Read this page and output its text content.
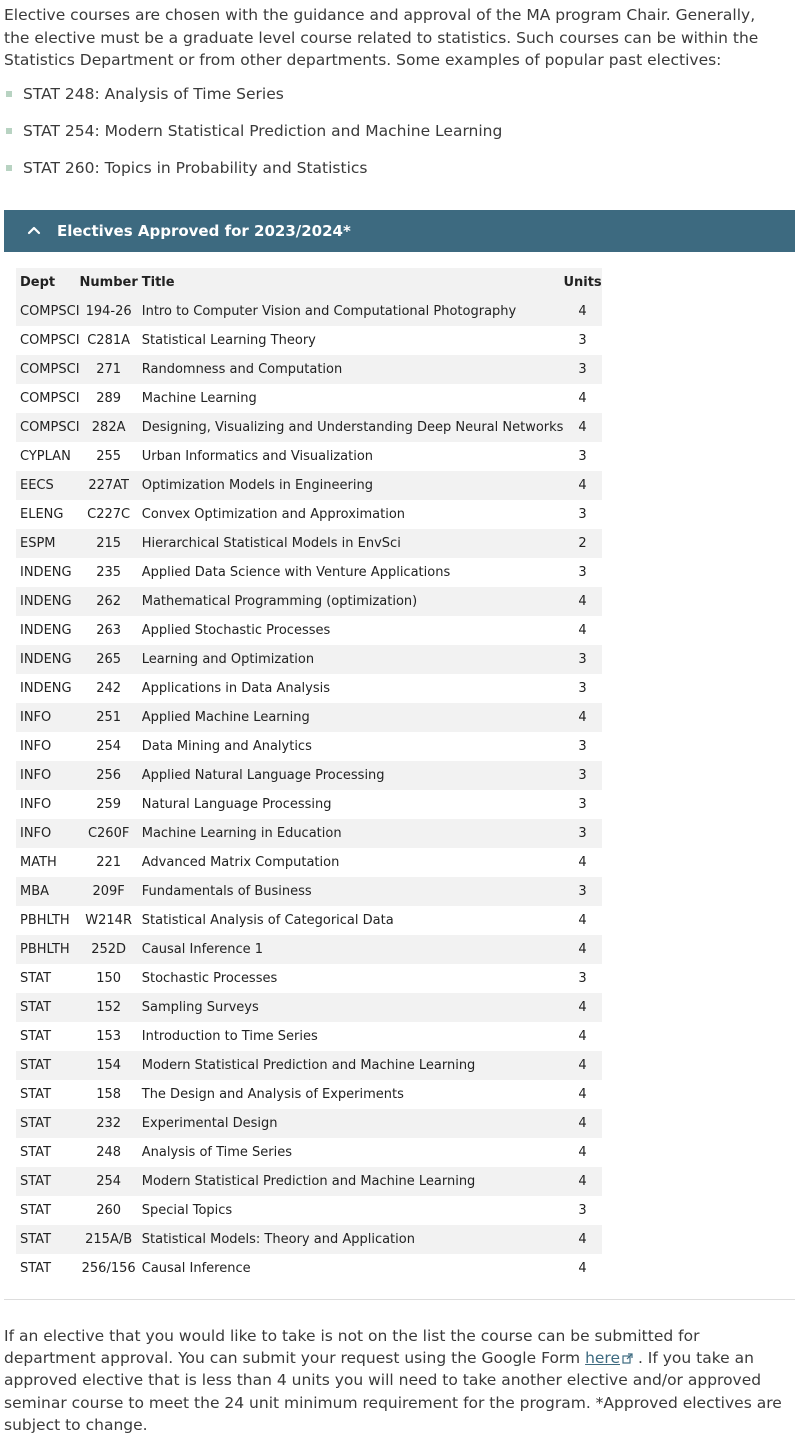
Elective courses are chosen with the guidance and approval of the MA program Chair. Generally, the elective must be a graduate level course related to statistics. Such courses can be within the Statistics Department or from other departments. Some examples of popular past electives:

STAT 248: Analysis of Time Series
STAT 254: Modern Statistical Prediction and Machine Learning
STAT 260: Topics in Probability and Statistics
Electives Approved for 2023/2024*
Dept	Number	Title	Units
COMPSCI	194-26	Intro to Computer Vision and Computational Photography	4
COMPSCI	C281A	Statistical Learning Theory	3
COMPSCI	271	Randomness and Computation	3
COMPSCI	289	Machine Learning	4
COMPSCI	282A	Designing, Visualizing and Understanding Deep Neural Networks	4
CYPLAN	255	Urban Informatics and Visualization	3
EECS	227AT	Optimization Models in Engineering	4
ELENG	C227C	Convex Optimization and Approximation	3
ESPM	215	Hierarchical Statistical Models in EnvSci	2
INDENG	235	Applied Data Science with Venture Applications	3
INDENG	262	Mathematical Programming (optimization)	4
INDENG	263	Applied Stochastic Processes	4
INDENG	265	Learning and Optimization	3
INDENG	242	Applications in Data Analysis	3
INFO	251	Applied Machine Learning	4
INFO	254	Data Mining and Analytics	3
INFO	256	Applied Natural Language Processing	3
INFO	259	Natural Language Processing	3
INFO	C260F	Machine Learning in Education	3
MATH	221	Advanced Matrix Computation	4
MBA	209F	Fundamentals of Business	3
PBHLTH	W214R	Statistical Analysis of Categorical Data	4
PBHLTH	252D	Causal Inference 1	4
STAT	150	Stochastic Processes	3
STAT	152	Sampling Surveys	4
STAT	153	Introduction to Time Series	4
STAT	154	Modern Statistical Prediction and Machine Learning	4
STAT	158	The Design and Analysis of Experiments	4
STAT	232	Experimental Design	4
STAT	248	Analysis of Time Series	4
STAT	254	Modern Statistical Prediction and Machine Learning	4
STAT	260	Special Topics	3
STAT	215A/B	Statistical Models: Theory and Application	4
STAT	256/156	Causal Inference	4

If an elective that you would like to take is not on the list the course can be submitted for department approval. You can submit your request using the Google Form here . If you take an approved elective that is less than 4 units you will need to take another elective and/or approved seminar course to meet the 24 unit minimum requirement for the program. *Approved electives are subject to change.
